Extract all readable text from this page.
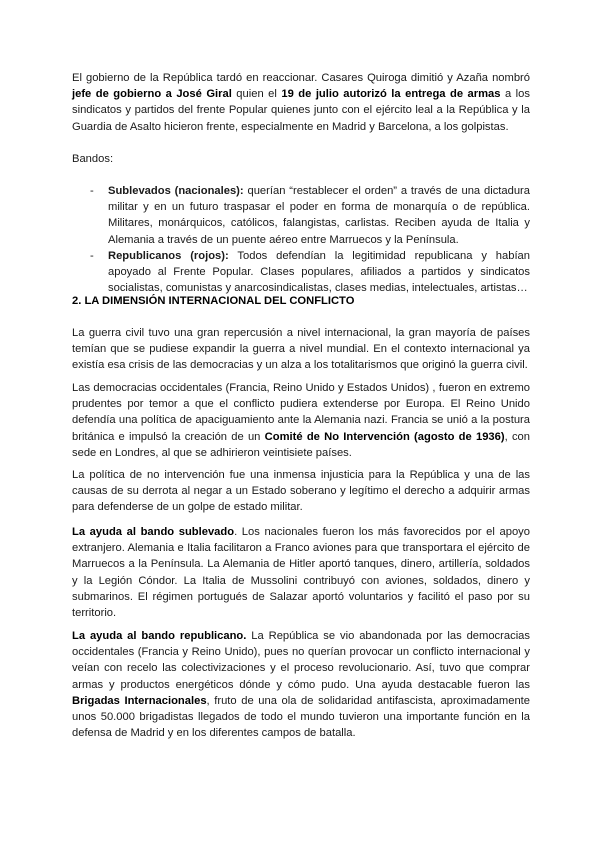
El gobierno de la República tardó en reaccionar. Casares Quiroga dimitió y Azaña nombró jefe de gobierno a José Giral quien el 19 de julio autorizó la entrega de armas a los sindicatos y partidos del frente Popular quienes junto con el ejército leal a la República y la Guardia de Asalto hicieron frente, especialmente en Madrid y Barcelona, a los golpistas.

Bandos:

- Sublevados (nacionales): querían “restablecer el orden” a través de una dictadura militar y en un futuro traspasar el poder en forma de monarquía o de república. Militares, monárquicos, católicos, falangistas, carlistas. Reciben ayuda de Italia y Alemania a través de un puente aéreo entre Marruecos y la Península.
- Republicanos (rojos): Todos defendían la legitimidad republicana y habían apoyado al Frente Popular. Clases populares, afiliados a partidos y sindicatos socialistas, comunistas y anarcosindicalistas, clases medias, intelectuales, artistas…
2. LA DIMENSIÓN INTERNACIONAL DEL CONFLICTO

La guerra civil tuvo una gran repercusión a nivel internacional, la gran mayoría de países temían que se pudiese expandir la guerra a nivel mundial. En el contexto internacional ya existía esa crisis de las democracias y un alza a los totalitarismos que originó la guerra civil.

Las democracias occidentales (Francia, Reino Unido y Estados Unidos) , fueron en extremo prudentes por temor a que el conflicto pudiera extenderse por Europa. El Reino Unido defendía una política de apaciguamiento ante la Alemania nazi. Francia se unió a la postura británica e impulsó la creación de un Comité de No Intervención (agosto de 1936), con sede en Londres, al que se adhirieron veintisiete países.

La política de no intervención fue una inmensa injusticia para la República y una de las causas de su derrota al negar a un Estado soberano y legítimo el derecho a adquirir armas para defenderse de un golpe de estado militar.

La ayuda al bando sublevado. Los nacionales fueron los más favorecidos por el apoyo extranjero. Alemania e Italia facilitaron a Franco aviones para que transportara el ejército de Marruecos a la Península. La Alemania de Hitler aportó tanques, dinero, artillería, soldados y la Legión Cóndor. La Italia de Mussolini contribuyó con aviones, soldados, dinero y submarinos. El régimen portugués de Salazar aportó voluntarios y facilitó el paso por su territorio.

La ayuda al bando republicano. La República se vio abandonada por las democracias occidentales (Francia y Reino Unido), pues no querían provocar un conflicto internacional y veían con recelo las colectivizaciones y el proceso revolucionario. Así, tuvo que comprar armas y productos energéticos dónde y cómo pudo. Una ayuda destacable fueron las Brigadas Internacionales, fruto de una ola de solidaridad antifascista, aproximadamente unos 50.000 brigadistas llegados de todo el mundo tuvieron una importante función en la defensa de Madrid y en los diferentes campos de batalla.
